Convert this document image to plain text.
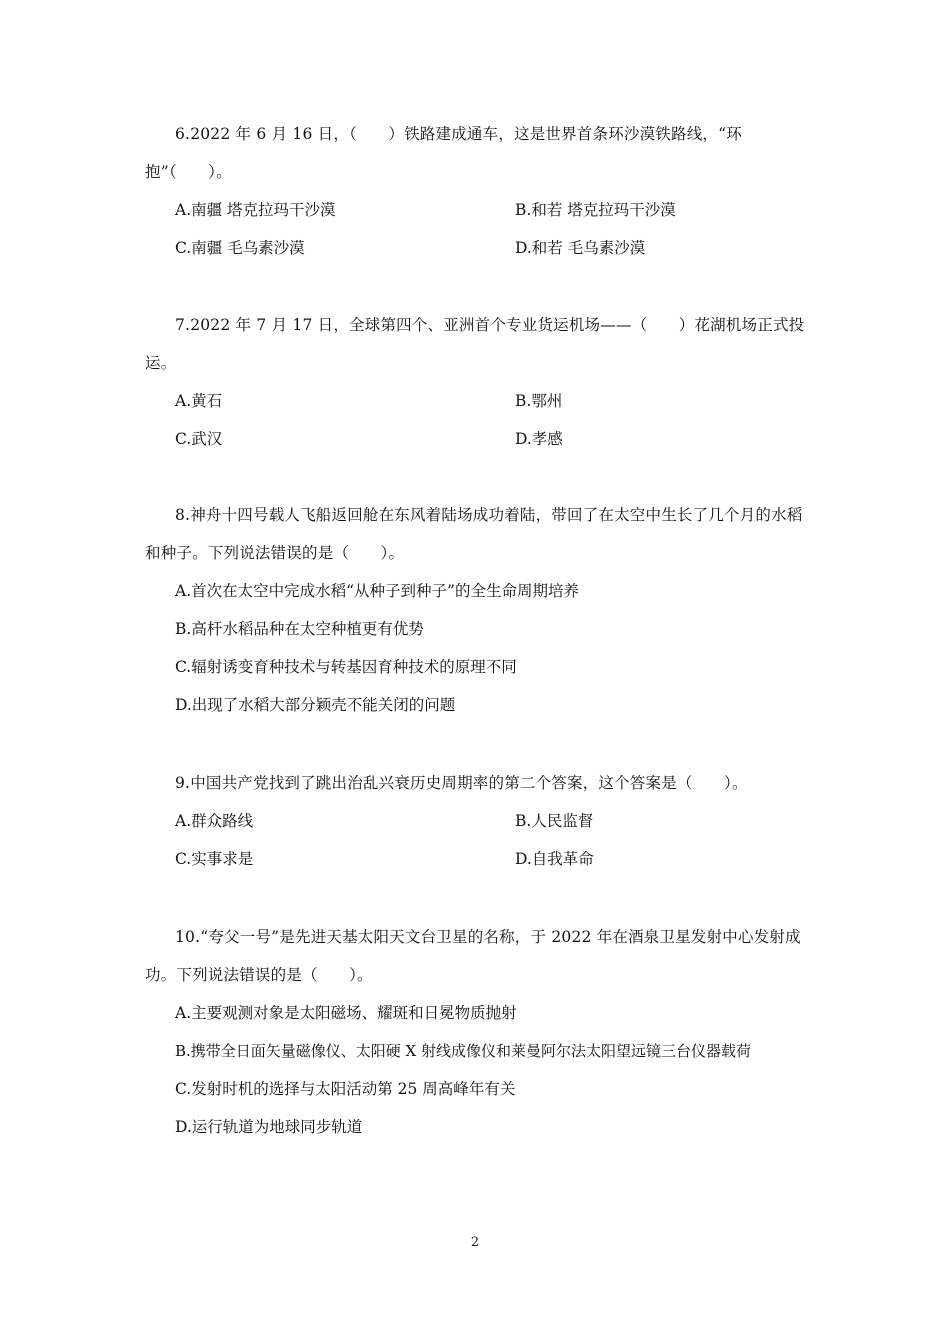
6.2022 年 6 月 16 日，（　　）铁路建成通车，这是世界首条环沙漠铁路线，“环抱”（　　）。

A.南疆 塔克拉玛干沙漠	B.和若 塔克拉玛干沙漠
C.南疆 毛乌素沙漠	D.和若 毛乌素沙漠

7.2022 年 7 月 17 日，全球第四个、亚洲首个专业货运机场——（　　）花湖机场正式投运。

A.黄石	B.鄂州
C.武汉	D.孝感

8.神舟十四号载人飞船返回舱在东风着陆场成功着陆，带回了在太空中生长了几个月的水稻和种子。下列说法错误的是（　　）。

A.首次在太空中完成水稻“从种子到种子”的全生命周期培养
B.高杆水稻品种在太空种植更有优势
C.辐射诱变育种技术与转基因育种技术的原理不同
D.出现了水稻大部分颖壳不能关闭的问题

9.中国共产党找到了跳出治乱兴衰历史周期率的第二个答案，这个答案是（　　）。

A.群众路线	B.人民监督
C.实事求是	D.自我革命

10.“夸父一号”是先进天基太阳天文台卫星的名称，于 2022 年在酒泉卫星发射中心发射成功。下列说法错误的是（　　）。

A.主要观测对象是太阳磁场、耀斑和日冕物质抛射
B.携带全日面矢量磁像仪、太阳硬 X 射线成像仪和莱曼阿尔法太阳望远镜三台仪器载荷
C.发射时机的选择与太阳活动第 25 周高峰年有关
D.运行轨道为地球同步轨道
2
